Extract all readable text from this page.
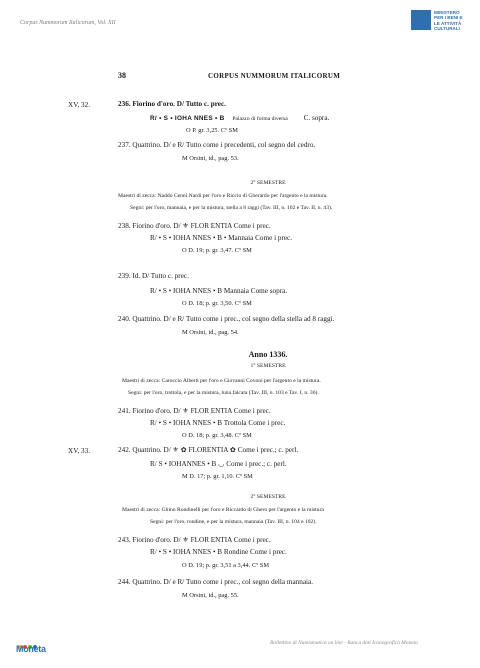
Corpus Nummorum Italicorum, Vol. XII
MINISTERO
PER I BENI E
LE ATTIVITÀ
CULTURALI
38	CORPUS NUMMORUM ITALICORUM
XV, 32.	236. Fiorino d'oro. D/ Tutto c. prec.
R/ • S • IOHA NNES • B Palazzo di forma diversa C. sopra.
O P. gr. 3,25. Cº SM
237. Quattrino. D/ e R/ Tutto come i precedenti, col segno del cedro.
M Orsini, id., pag. 53.
2° SEMESTRE
Maestri di zecca: Naddo Cenni Nardi per l'oro e Riccio di Gherardo per l'argento e la mistura.
Segni: per l'oro, mannaia, e per la mistura, stella a 8 raggi (Tav. III, n. 102 e Tav. II, n. 43).
238. Fiorino d'oro. D/ ⚜ FLOR ENTIA Come i prec.
R/ • S • IOHA NNES • B • Mannaia Come i prec.
O D. 19; p. gr. 3,47. Cº SM
239. Id. D/ Tutto c. prec.
R/ • S • IOHA NNES • B Mannaia Come sopra.
O D. 18; p. gr. 3,50. Cº SM
240. Quattrino. D/ e R/ Tutto come i prec., col segno della stella ad 8 raggi.
M Orsini, id., pag. 54.
Anno 1336.
1° SEMESTRE
Maestri di zecca: Caroccio Alberti per l'oro e Giovanni Covoni per l'argento e la mistura.
Segni: per l'oro, trottola, e per la mistura, luna falcata (Tav. III, n. 103 e Tav. I, n. 36).
241. Fiorino d'oro. D/ ⚜ FLOR ENTIA Come i prec.
R/ • S • IOHA NNES • B Trottola Come i prec.
O D. 18; p. gr. 3,48. Cº SM
XV, 33.	242. Quattrino. D/ ⚜ ✿ FLORENTIA ✿ Come i prec.; c. perl.
R/ S • IOHANNES • B ◡ Come i prec.; c. perl.
M D. 17; p. gr. 1,10. Cº SM
2° SEMESTRE
Maestri di zecca: Ghino Rondinelli per l'oro e Riccardo di Ghero per l'argento e la mistura
Segni: per l'oro, rondine, e per la mistura, mannaia (Tav. III, n. 104 e 102).
243. Fiorino d'oro. D/ ⚜ FLOR ENTIA Come i prec.
R/ • S • IOHA NNES • B Rondine Come i prec.
O D. 19; p. gr. 3,51 a 3,44. Cº SM
244. Quattrino. D/ e R/ Tutto come i prec., col segno della mannaia.
M Orsini, id., pag. 55.
Moneta
Bollettino di Numismatica on line - Banca dati Iconografica Moneta
